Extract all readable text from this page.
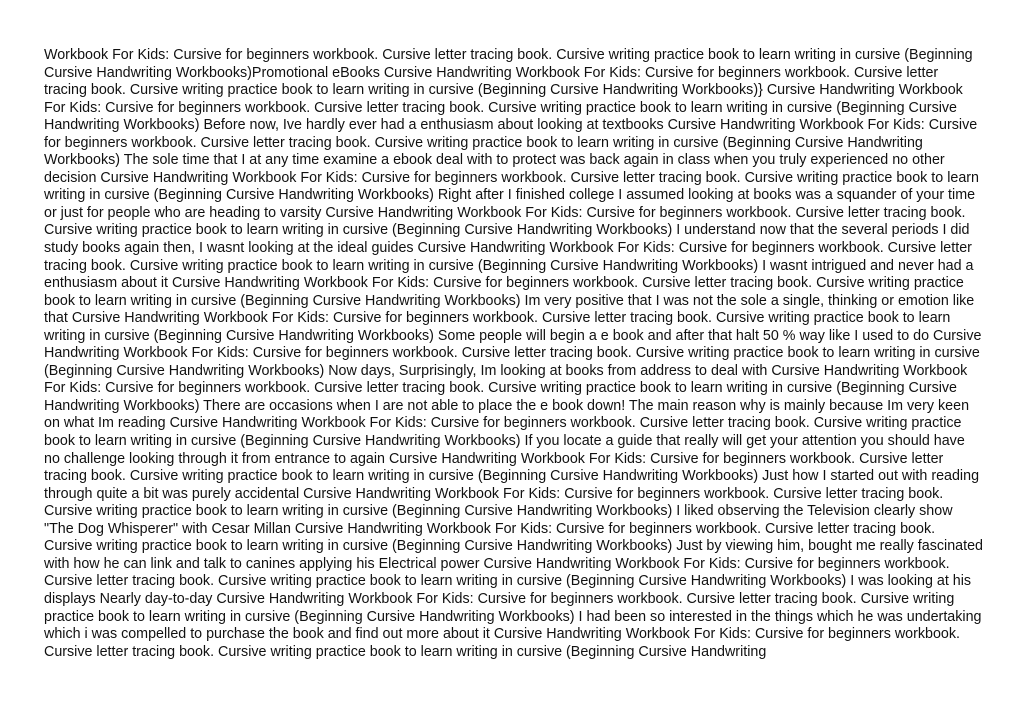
Workbook For Kids: Cursive for beginners workbook. Cursive letter tracing book. Cursive writing practice book to learn writing in cursive (Beginning Cursive Handwriting Workbooks)Promotional eBooks Cursive Handwriting Workbook For Kids: Cursive for beginners workbook. Cursive letter tracing book. Cursive writing practice book to learn writing in cursive (Beginning Cursive Handwriting Workbooks)} Cursive Handwriting Workbook For Kids: Cursive for beginners workbook. Cursive letter tracing book. Cursive writing practice book to learn writing in cursive (Beginning Cursive Handwriting Workbooks) Before now, Ive hardly ever had a enthusiasm about looking at textbooks Cursive Handwriting Workbook For Kids: Cursive for beginners workbook. Cursive letter tracing book. Cursive writing practice book to learn writing in cursive (Beginning Cursive Handwriting Workbooks) The sole time that I at any time examine a ebook deal with to protect was back again in class when you truly experienced no other decision Cursive Handwriting Workbook For Kids: Cursive for beginners workbook. Cursive letter tracing book. Cursive writing practice book to learn writing in cursive (Beginning Cursive Handwriting Workbooks) Right after I finished college I assumed looking at books was a squander of your time or just for people who are heading to varsity Cursive Handwriting Workbook For Kids: Cursive for beginners workbook. Cursive letter tracing book. Cursive writing practice book to learn writing in cursive (Beginning Cursive Handwriting Workbooks) I understand now that the several periods I did study books again then, I wasnt looking at the ideal guides Cursive Handwriting Workbook For Kids: Cursive for beginners workbook. Cursive letter tracing book. Cursive writing practice book to learn writing in cursive (Beginning Cursive Handwriting Workbooks) I wasnt intrigued and never had a enthusiasm about it Cursive Handwriting Workbook For Kids: Cursive for beginners workbook. Cursive letter tracing book. Cursive writing practice book to learn writing in cursive (Beginning Cursive Handwriting Workbooks) Im very positive that I was not the sole a single, thinking or emotion like that Cursive Handwriting Workbook For Kids: Cursive for beginners workbook. Cursive letter tracing book. Cursive writing practice book to learn writing in cursive (Beginning Cursive Handwriting Workbooks) Some people will begin a e book and after that halt 50 % way like I used to do Cursive Handwriting Workbook For Kids: Cursive for beginners workbook. Cursive letter tracing book. Cursive writing practice book to learn writing in cursive (Beginning Cursive Handwriting Workbooks) Now days, Surprisingly, Im looking at books from address to deal with Cursive Handwriting Workbook For Kids: Cursive for beginners workbook. Cursive letter tracing book. Cursive writing practice book to learn writing in cursive (Beginning Cursive Handwriting Workbooks) There are occasions when I are not able to place the e book down! The main reason why is mainly because Im very keen on what Im reading Cursive Handwriting Workbook For Kids: Cursive for beginners workbook. Cursive letter tracing book. Cursive writing practice book to learn writing in cursive (Beginning Cursive Handwriting Workbooks) If you locate a guide that really will get your attention you should have no challenge looking through it from entrance to again Cursive Handwriting Workbook For Kids: Cursive for beginners workbook. Cursive letter tracing book. Cursive writing practice book to learn writing in cursive (Beginning Cursive Handwriting Workbooks) Just how I started out with reading through quite a bit was purely accidental Cursive Handwriting Workbook For Kids: Cursive for beginners workbook. Cursive letter tracing book. Cursive writing practice book to learn writing in cursive (Beginning Cursive Handwriting Workbooks) I liked observing the Television clearly show "The Dog Whisperer" with Cesar Millan Cursive Handwriting Workbook For Kids: Cursive for beginners workbook. Cursive letter tracing book. Cursive writing practice book to learn writing in cursive (Beginning Cursive Handwriting Workbooks) Just by viewing him, bought me really fascinated with how he can link and talk to canines applying his Electrical power Cursive Handwriting Workbook For Kids: Cursive for beginners workbook. Cursive letter tracing book. Cursive writing practice book to learn writing in cursive (Beginning Cursive Handwriting Workbooks) I was looking at his displays Nearly day-to-day Cursive Handwriting Workbook For Kids: Cursive for beginners workbook. Cursive letter tracing book. Cursive writing practice book to learn writing in cursive (Beginning Cursive Handwriting Workbooks) I had been so interested in the things which he was undertaking which i was compelled to purchase the book and find out more about it Cursive Handwriting Workbook For Kids: Cursive for beginners workbook. Cursive letter tracing book. Cursive writing practice book to learn writing in cursive (Beginning Cursive Handwriting
